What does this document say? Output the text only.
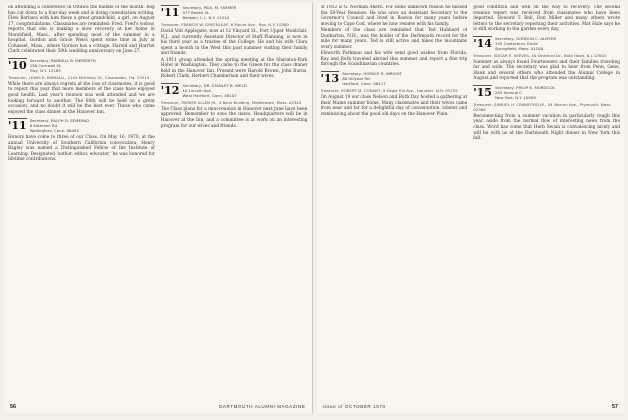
on attending a conference in Ottawa the middle of the month. Reg has cut down to a four-day week and is doing consultation writing. Flew Barbara with him there a great grandchild, a girl, on August 17, congratulations. Classmates are reminded: Fred, Fred's widow, reports that she is making a slow recovery at her home in Marshfield, Mass., after spending most of the summer in a hospital. Gordon and Grace Weiss spent some time in July at Cohasset, Mass., where Gordon has a cottage. Harold and Harriet Clark celebrated their 50th wedding anniversary on June 27.

'10 Secretary, RANDALL B. MEREDITH
156 Cornwall St.
Troy, N.Y. 12183
Treasurer, LEWIS R. RANDALL, 2144 McKinley St., Clearwater, Fla. 33515

While there are always regrets at the loss of classmates, it is good to report this year that more members of the class have enjoyed good health. Last year's reunion was well attended and we are looking forward to another. The 60th will be held on a great occasion, and no doubt it will be the best ever. Those who came enjoyed the class dinner at the Hanover Inn.

'11 Secretary, RALPH D. SEMERAD
8 Kathleen Rd.
Wallingford, Conn. 06492

Honors have come to three of our Class. On May 16, 1970, at the annual University of Southern California convocation, Henry Bagley was named a Distinguished Fellow of the Institute of Learning. Designated 'author, editor, educator,' he was honored for lifetime contributions.

'11 Secretary, PAUL M. FARMER
577 Bedell St.
Baldwin, L.I., N.Y. 11510
Treasurer, FRANCIS W. GREENLEAF, 6 Mount Ave., Rye, N.Y. 10580

David Volt Applegate, now at 12 Vinyard St., Fort Upper Montclair, N.J., and currently Assistant Director of Staff Planning, is now in his third year as a trustee of the College. He and his wife Clara spent a month in the West this past summer visiting their family and friends.

A 1911 group attended the spring meeting at the Sheraton-Park Hotel in Washington. They came to the Green for the class dinner held in the Hanover Inn. Present were Harold Brown, John Burns, Robert Clark, Herbert Chamberlain and their wives.

'12 Secretary, DR. STANLEY B. WELD
10 Lincoln Ave.
West Hartford, Conn. 06107
Treasurer, PARKER ALLEN JR., 4 Bank Building, Middletown, Mass. 02344

The Class plans for a mini-reunion in Hanover next June have been approved. Remember to save the dates. Headquarters will be in Hanover at the Inn, and a committee is at work on an interesting program for our wives and friends.

56	DARTMOUTH ALUMNI MAGAZINE

of 1912 is G. Norman Ahern. For some unknown reason he missed the 58-Year Reunion. He was once an Assistant Secretary to the Governor's Council and lived in Boston for many years before moving to Cape Cod, where he now resides with his family.

Members of the class are reminded that Ted Hubbard of Dunbarton, N.H., was the holder of the Dartmouth record for the mile for many years. Ted is still active and hikes the mountains every summer.

Elsworth Parkman and his wife send good wishes from Florida. Ray and Ruth traveled abroad this summer and report a fine trip through the Scandinavian countries.

'13 Secretary, HORACE R. WRIGHT
88 Hillyear Rd.
Hartford, Conn. 06117
Treasurer, ROBERT M. CONANT, 9 Eagle Hill Ave., Hanover, N.H. 03755

On August 19 our class Nelson and Ruth Day hosted a gathering at their Maine summer home. Many classmates and their wives came from near and far for a delightful day of conversation, lobster and reminiscing about the good old days on the Hanover Plain.

good condition and well on the way to recovery. The second reunion report was received from classmates who have been departed. Howard T. Bell, Don Miller and many others wrote letters to the secretary reporting their activities. Mat Hale says he is still working in the garden every day.

'14 Secretary, GORDON C. ALMYER
145 Canterbury Circle
Springfield, Mass. 01108
Treasurer, EDGAR E. KEEVES, 40 Stratford Dr., Bald Head, N.J. 07843

Summer as always found Fourteeners and their families traveling far and wide. The secretary was glad to hear from Penn, Gene, Hank and several others who attended the Alumni College in August and reported that the program was outstanding.

'15 Secretary, PHILIP K. MURDOCK
245 Avenue C
New York, N.Y. 10009
Treasurer, SAMUEL H. CRAWFORD JR., 54 Warren Ave., Plymouth, Mass. 02360

Reconnecting from a summer vacation in particularly rough this year, aside from the normal flow of interesting news from the class. Word has come that Herb Swain is convalescing nicely and will be with us at the Dartmouth Night dinner in New York this fall.

Issue of OCTOBER 1970	57
